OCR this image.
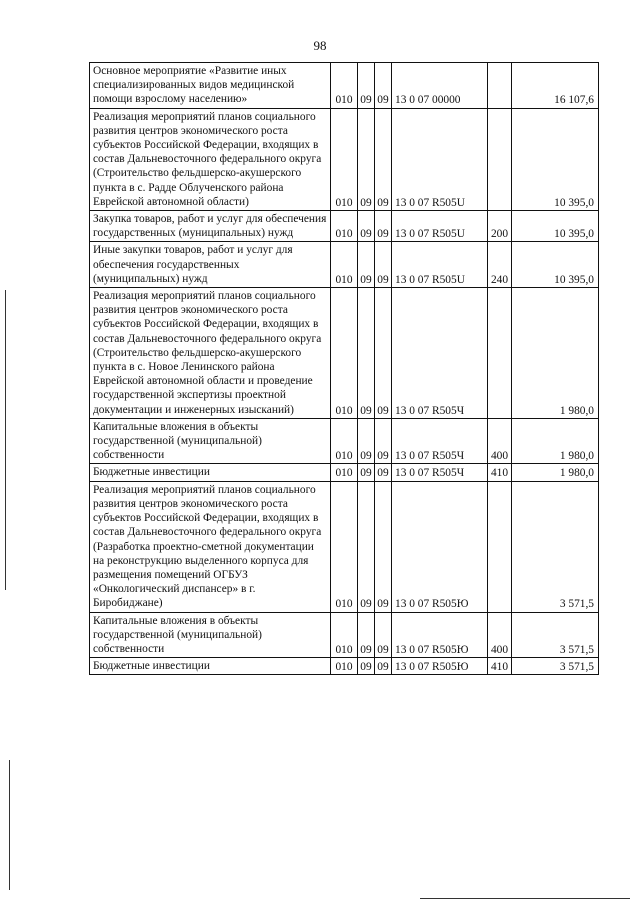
98
Основное мероприятие «Развитие иных специализированных видов медицинской помощи взрослому населению»	010	09	09	13 0 07 00000		16 107,6
Реализация мероприятий планов социального развития центров экономического роста субъектов Российской Федерации, входящих в состав Дальневосточного федерального округа (Строительство фельдшерско-акушерского пункта в с. Радде Облученского района Еврейской автономной области)	010	09	09	13 0 07 R505U		10 395,0
Закупка товаров, работ и услуг для обеспечения государственных (муниципальных) нужд	010	09	09	13 0 07 R505U	200	10 395,0
Иные закупки товаров, работ и услуг для обеспечения государственных (муниципальных) нужд	010	09	09	13 0 07 R505U	240	10 395,0
Реализация мероприятий планов социального развития центров экономического роста субъектов Российской Федерации, входящих в состав Дальневосточного федерального округа (Строительство фельдшерско-акушерского пункта в с. Новое Ленинского района Еврейской автономной области и проведение государственной экспертизы проектной документации и инженерных изысканий)	010	09	09	13 0 07 R505Ч		1 980,0
Капитальные вложения в объекты государственной (муниципальной) собственности	010	09	09	13 0 07 R505Ч	400	1 980,0
Бюджетные инвестиции	010	09	09	13 0 07 R505Ч	410	1 980,0
Реализация мероприятий планов социального развития центров экономического роста субъектов Российской Федерации, входящих в состав Дальневосточного федерального округа (Разработка проектно-сметной документации на реконструкцию выделенного корпуса для размещения помещений ОГБУЗ «Онкологический диспансер» в г. Биробиджане)	010	09	09	13 0 07 R505Ю		3 571,5
Капитальные вложения в объекты государственной (муниципальной) собственности	010	09	09	13 0 07 R505Ю	400	3 571,5
Бюджетные инвестиции	010	09	09	13 0 07 R505Ю	410	3 571,5
